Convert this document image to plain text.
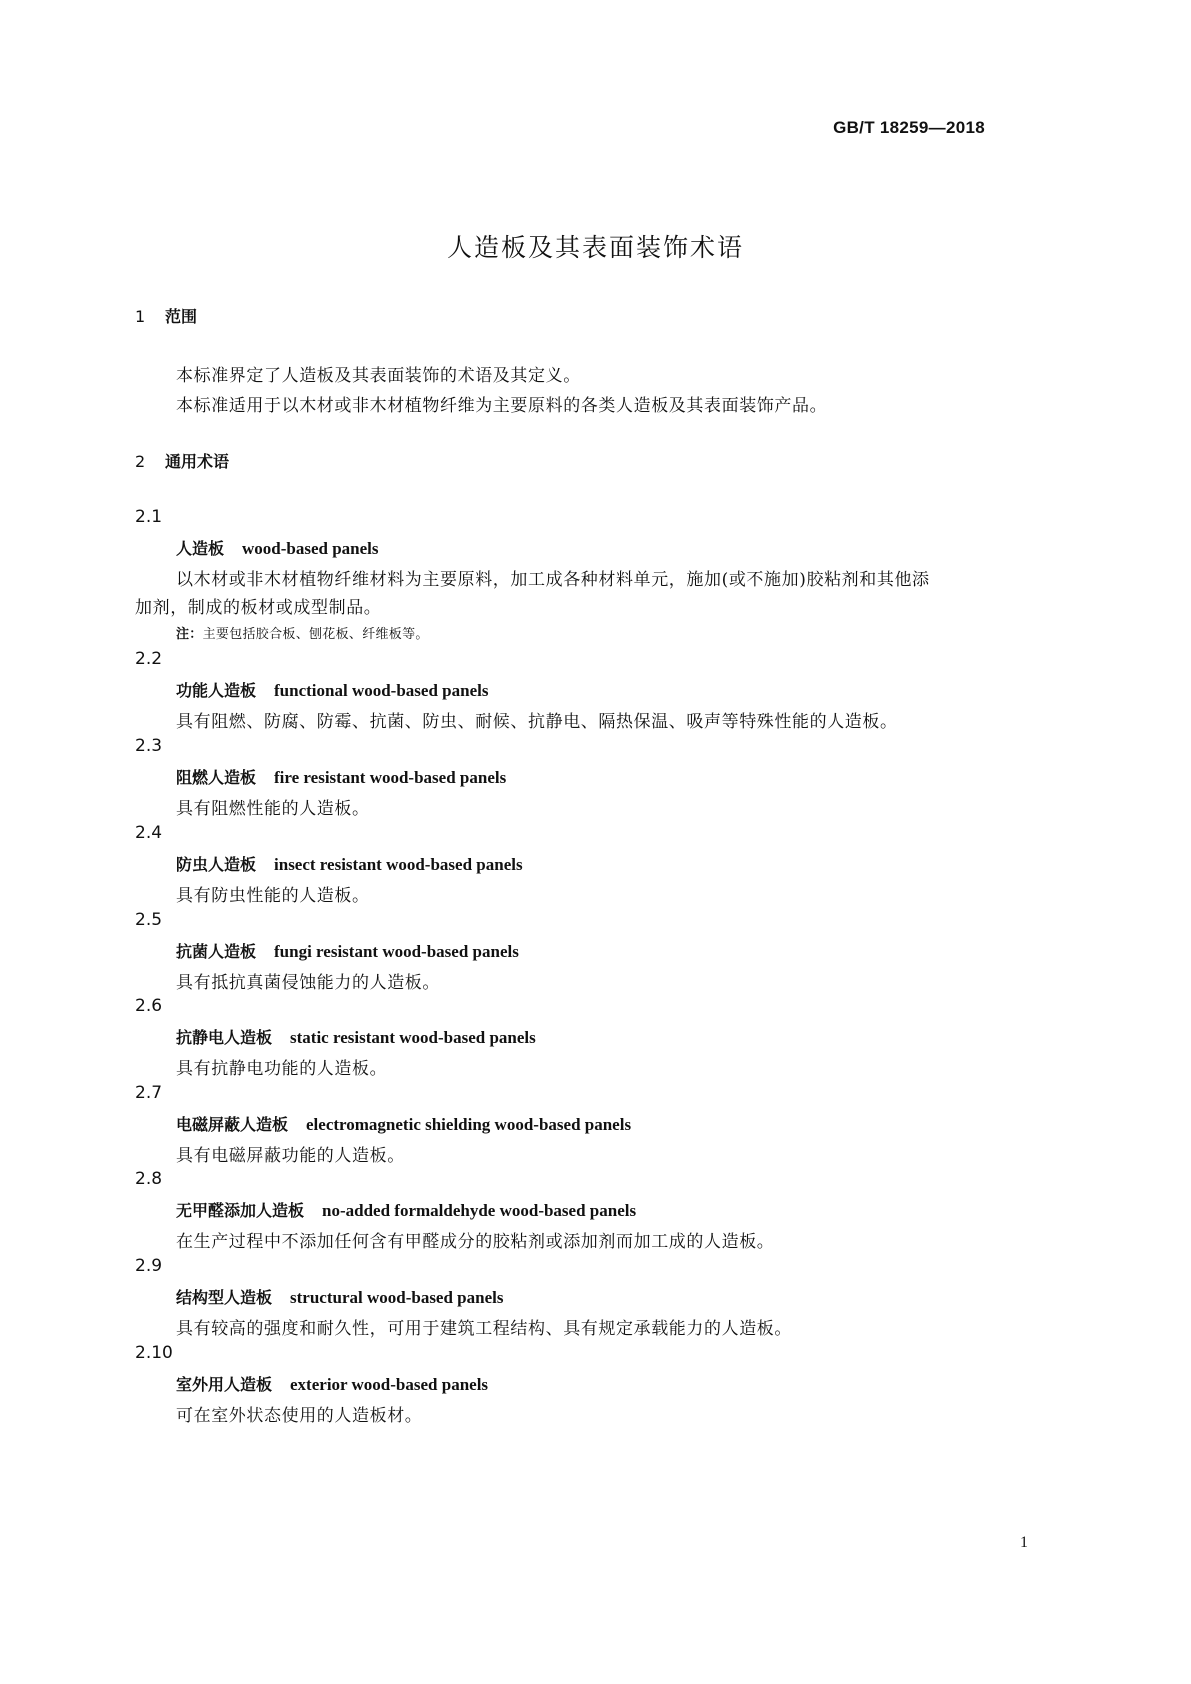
GB/T 18259—2018
人造板及其表面装饰术语
1 范围
本标准界定了人造板及其表面装饰的术语及其定义。
本标准适用于以木材或非木材植物纤维为主要原料的各类人造板及其表面装饰产品。
2 通用术语
2.1
人造板 wood-based panels
以木材或非木材植物纤维材料为主要原料，加工成各种材料单元，施加(或不施加)胶粘剂和其他添
加剂，制成的板材或成型制品。
注：主要包括胶合板、刨花板、纤维板等。
2.2
功能人造板 functional wood-based panels
具有阻燃、防腐、防霉、抗菌、防虫、耐候、抗静电、隔热保温、吸声等特殊性能的人造板。
2.3
阻燃人造板 fire resistant wood-based panels
具有阻燃性能的人造板。
2.4
防虫人造板 insect resistant wood-based panels
具有防虫性能的人造板。
2.5
抗菌人造板 fungi resistant wood-based panels
具有抵抗真菌侵蚀能力的人造板。
2.6
抗静电人造板 static resistant wood-based panels
具有抗静电功能的人造板。
2.7
电磁屏蔽人造板 electromagnetic shielding wood-based panels
具有电磁屏蔽功能的人造板。
2.8
无甲醛添加人造板 no-added formaldehyde wood-based panels
在生产过程中不添加任何含有甲醛成分的胶粘剂或添加剂而加工成的人造板。
2.9
结构型人造板 structural wood-based panels
具有较高的强度和耐久性，可用于建筑工程结构、具有规定承载能力的人造板。
2.10
室外用人造板 exterior wood-based panels
可在室外状态使用的人造板材。
1
